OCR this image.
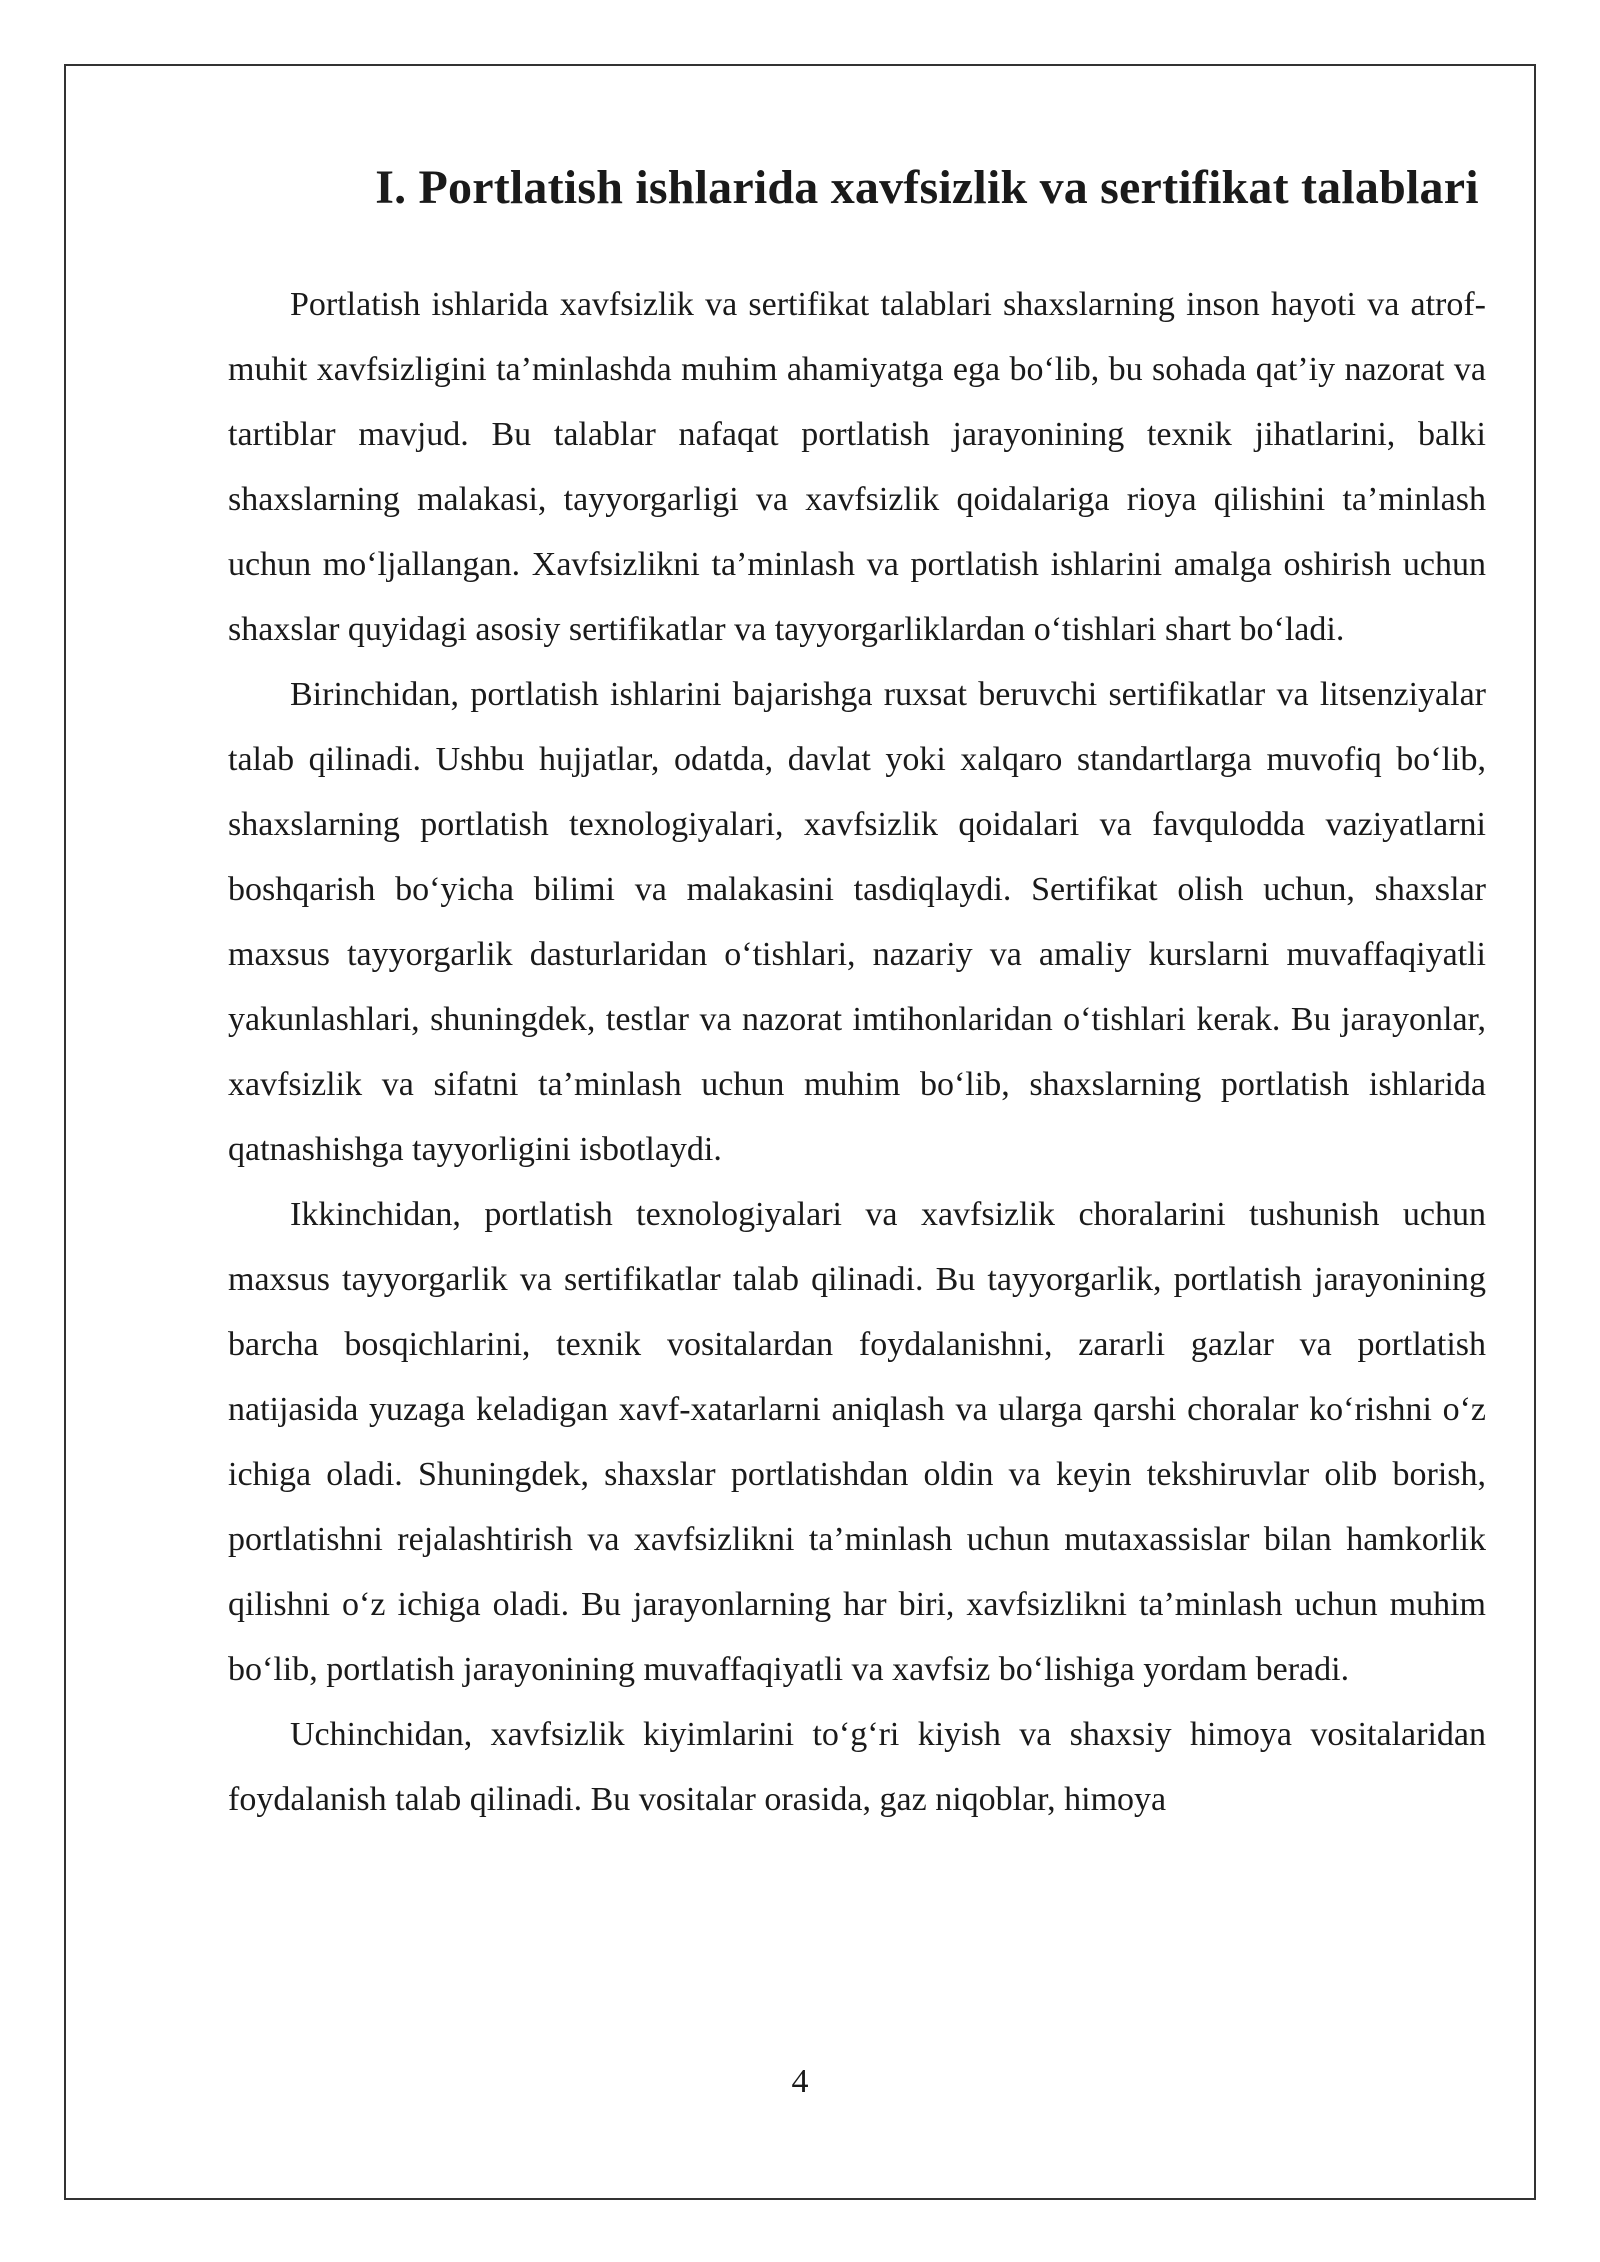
I. Portlatish ishlarida xavfsizlik va sertifikat talablari

Portlatish ishlarida xavfsizlik va sertifikat talablari shaxslarning inson hayoti va atrof-muhit xavfsizligini ta’minlashda muhim ahamiyatga ega bo‘lib, bu sohada qat’iy nazorat va tartiblar mavjud. Bu talablar nafaqat portlatish jarayonining texnik jihatlarini, balki shaxslarning malakasi, tayyorgarligi va xavfsizlik qoidalariga rioya qilishini ta’minlash uchun mo‘ljallangan. Xavfsizlikni ta’minlash va portlatish ishlarini amalga oshirish uchun shaxslar quyidagi asosiy sertifikatlar va tayyorgarliklardan o‘tishlari shart bo‘ladi.

Birinchidan, portlatish ishlarini bajarishga ruxsat beruvchi sertifikatlar va litsenziyalar talab qilinadi. Ushbu hujjatlar, odatda, davlat yoki xalqaro standartlarga muvofiq bo‘lib, shaxslarning portlatish texnologiyalari, xavfsizlik qoidalari va favqulodda vaziyatlarni boshqarish bo‘yicha bilimi va malakasini tasdiqlaydi. Sertifikat olish uchun, shaxslar maxsus tayyorgarlik dasturlaridan o‘tishlari, nazariy va amaliy kurslarni muvaffaqiyatli yakunlashlari, shuningdek, testlar va nazorat imtihonlaridan o‘tishlari kerak. Bu jarayonlar, xavfsizlik va sifatni ta’minlash uchun muhim bo‘lib, shaxslarning portlatish ishlarida qatnashishga tayyorligini isbotlaydi.

Ikkinchidan, portlatish texnologiyalari va xavfsizlik choralarini tushunish uchun maxsus tayyorgarlik va sertifikatlar talab qilinadi. Bu tayyorgarlik, portlatish jarayonining barcha bosqichlarini, texnik vositalardan foydalanishni, zararli gazlar va portlatish natijasida yuzaga keladigan xavf-xatarlarni aniqlash va ularga qarshi choralar ko‘rishni o‘z ichiga oladi. Shuningdek, shaxslar portlatishdan oldin va keyin tekshiruvlar olib borish, portlatishni rejalashtirish va xavfsizlikni ta’minlash uchun mutaxassislar bilan hamkorlik qilishni o‘z ichiga oladi. Bu jarayonlarning har biri, xavfsizlikni ta’minlash uchun muhim bo‘lib, portlatish jarayonining muvaffaqiyatli va xavfsiz bo‘lishiga yordam beradi.

Uchinchidan, xavfsizlik kiyimlarini to‘g‘ri kiyish va shaxsiy himoya vositalaridan foydalanish talab qilinadi. Bu vositalar orasida, gaz niqoblar, himoya

4
